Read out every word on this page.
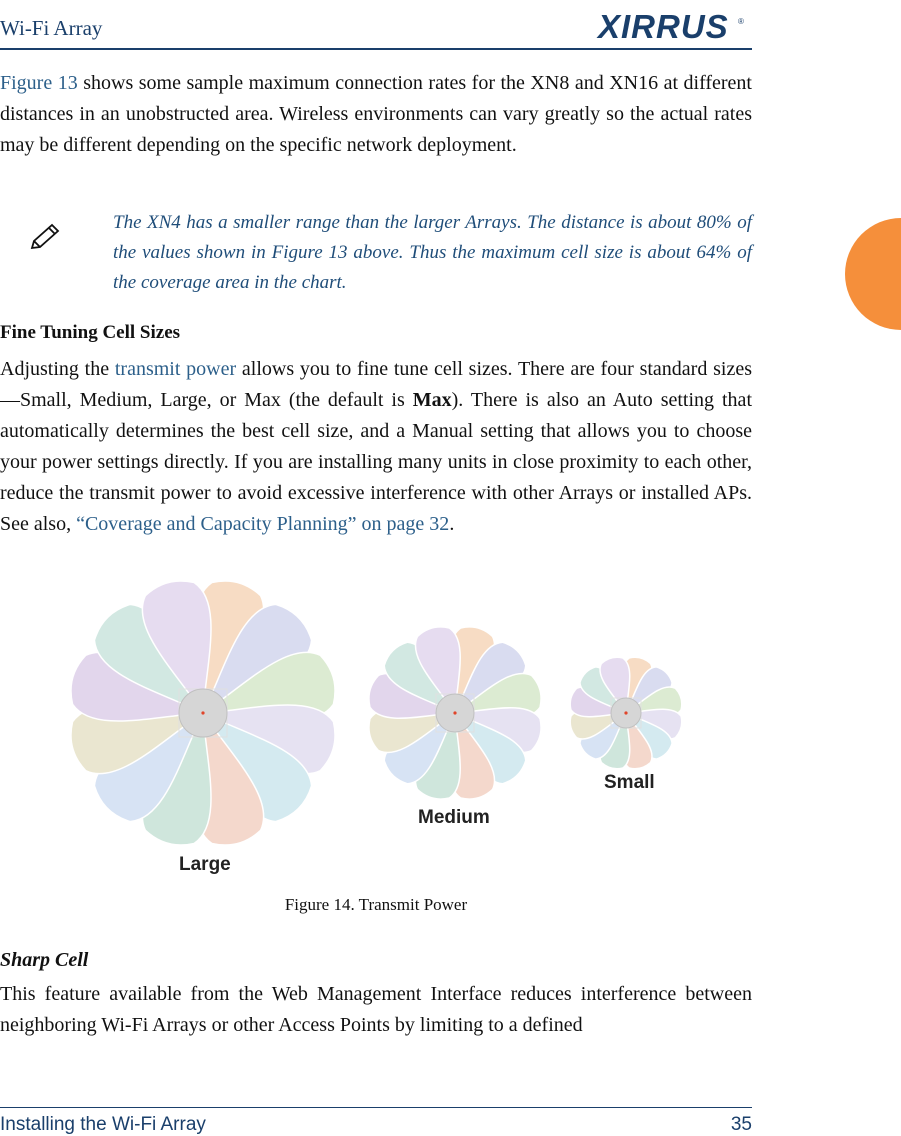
Wi-Fi Array	XIRRUS ®

Figure 13 shows some sample maximum connection rates for the XN8 and XN16 at different distances in an unobstructed area. Wireless environments can vary greatly so the actual rates may be different depending on the specific network deployment.

The XN4 has a smaller range than the larger Arrays. The distance is about 80% of the values shown in Figure 13 above. Thus the maximum cell size is about 64% of the coverage area in the chart.

Fine Tuning Cell Sizes

Adjusting the transmit power allows you to fine tune cell sizes. There are four standard sizes—Small, Medium, Large, or Max (the default is Max). There is also an Auto setting that automatically determines the best cell size, and a Manual setting that allows you to choose your power settings directly. If you are installing many units in close proximity to each other, reduce the transmit power to avoid excessive interference with other Arrays or installed APs. See also, “Coverage and Capacity Planning” on page 32.

Large
Medium
Small
Figure 14. Transmit Power

Sharp Cell

This feature available from the Web Management Interface reduces interference between neighboring Wi-Fi Arrays or other Access Points by limiting to a defined

Installing the Wi-Fi Array	35
